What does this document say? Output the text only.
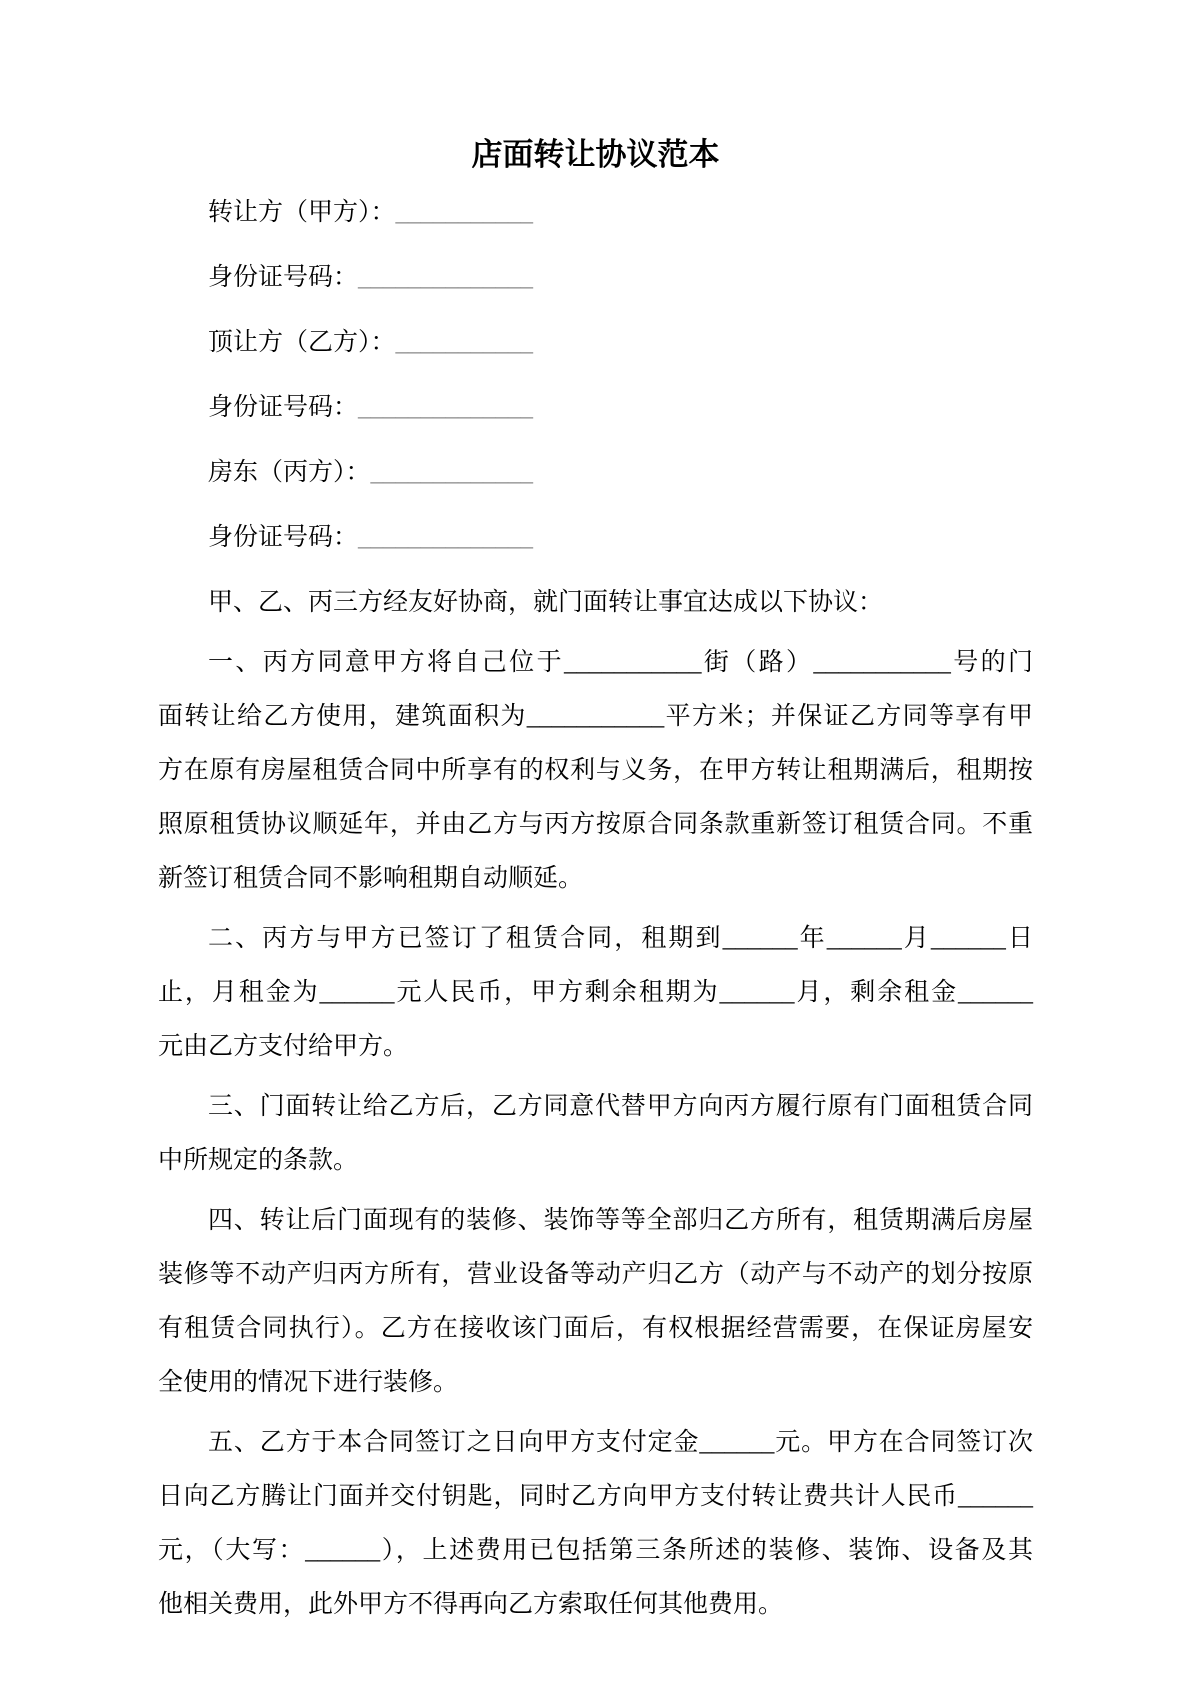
店面转让协议范本

转让方（甲方）：___________

身份证号码：______________

顶让方（乙方）：___________

身份证号码：______________

房东（丙方）：_____________

身份证号码：______________

甲、乙、丙三方经友好协商，就门面转让事宜达成以下协议：
一、丙方同意甲方将自己位于___________街（路）___________号的门
面转让给乙方使用，建筑面积为___________平方米；并保证乙方同等享有甲
方在原有房屋租赁合同中所享有的权利与义务，在甲方转让租期满后，租期按
照原租赁协议顺延年，并由乙方与丙方按原合同条款重新签订租赁合同。不重
新签订租赁合同不影响租期自动顺延。
二、丙方与甲方已签订了租赁合同，租期到______年______月______日
止，月租金为______元人民币，甲方剩余租期为______月，剩余租金______
元由乙方支付给甲方。
三、门面转让给乙方后，乙方同意代替甲方向丙方履行原有门面租赁合同
中所规定的条款。
四、转让后门面现有的装修、装饰等等全部归乙方所有，租赁期满后房屋
装修等不动产归丙方所有，营业设备等动产归乙方（动产与不动产的划分按原
有租赁合同执行）。乙方在接收该门面后，有权根据经营需要，在保证房屋安
全使用的情况下进行装修。
五、乙方于本合同签订之日向甲方支付定金______元。甲方在合同签订次
日向乙方腾让门面并交付钥匙，同时乙方向甲方支付转让费共计人民币______
元，（大写：______），上述费用已包括第三条所述的装修、装饰、设备及其
他相关费用，此外甲方不得再向乙方索取任何其他费用。
